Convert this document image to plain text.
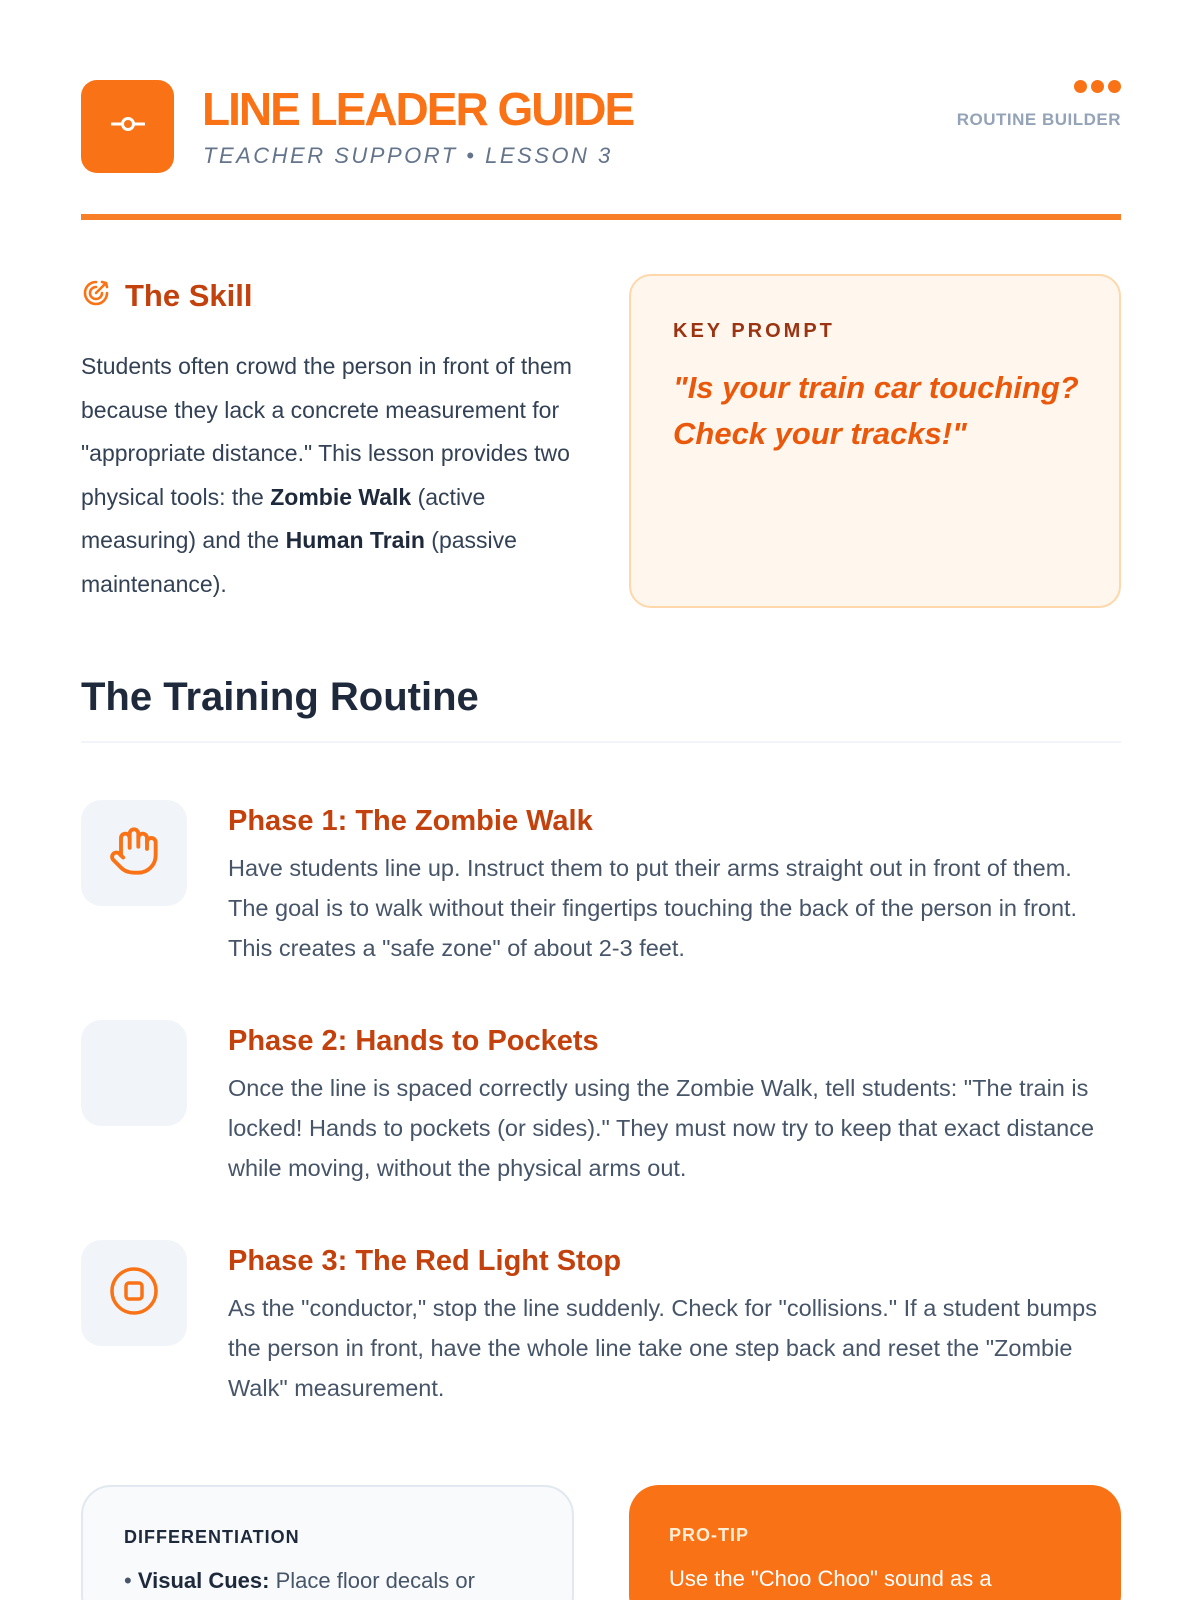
LINE LEADER GUIDE
TEACHER SUPPORT • LESSON 3
ROUTINE BUILDER
The Skill

Students often crowd the person in front of them because they lack a concrete measurement for "appropriate distance." This lesson provides two physical tools: the Zombie Walk (active measuring) and the Human Train (passive maintenance).

KEY PROMPT
"Is your train car touching? Check your tracks!"
The Training Routine
Phase 1: The Zombie Walk
Have students line up. Instruct them to put their arms straight out in front of them. The goal is to walk without their fingertips touching the back of the person in front. This creates a "safe zone" of about 2-3 feet.
Phase 2: Hands to Pockets
Once the line is spaced correctly using the Zombie Walk, tell students: "The train is locked! Hands to pockets (or sides)." They must now try to keep that exact distance while moving, without the physical arms out.
Phase 3: The Red Light Stop
As the "conductor," stop the line suddenly. Check for "collisions." If a student bumps the person in front, have the whole line take one step back and reset the "Zombie Walk" measurement.
DIFFERENTIATION
• Visual Cues: Place floor decals or
PRO-TIP
Use the "Choo Choo" sound as a
